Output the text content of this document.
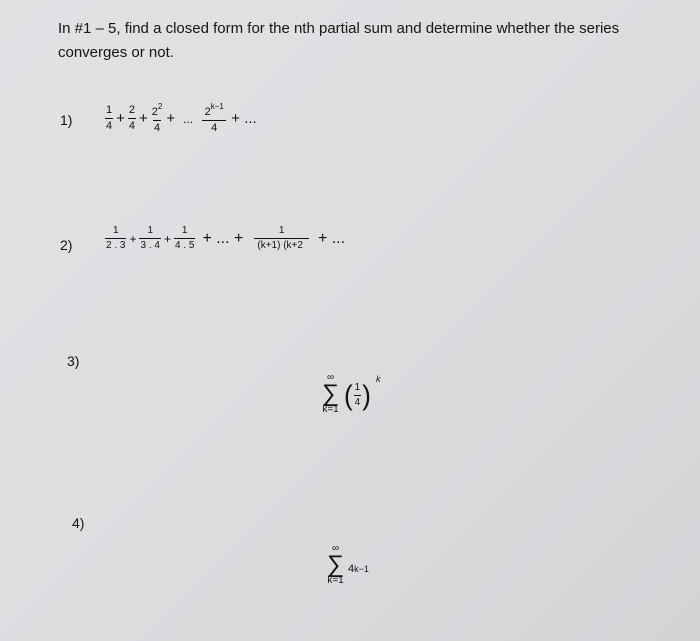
In #1 – 5, find a closed form for the nth partial sum and determine whether the series converges or not.
1)	$\frac{1}{4} + \frac{2}{4} + \frac{2^2}{4}$ + ... $\frac{2^{k-1}}{4}$ + ...
2)	$\frac{1}{2 . 3} + \frac{1}{3 . 4} + \frac{1}{4 . 5}$ + ... + $\frac{1}{(k+1) (k+2}$ + ...
3)
∞
∑
k=1 ( $\frac{1}{4}$ )
k
4)
∞
∑
k=1
4 k−1
